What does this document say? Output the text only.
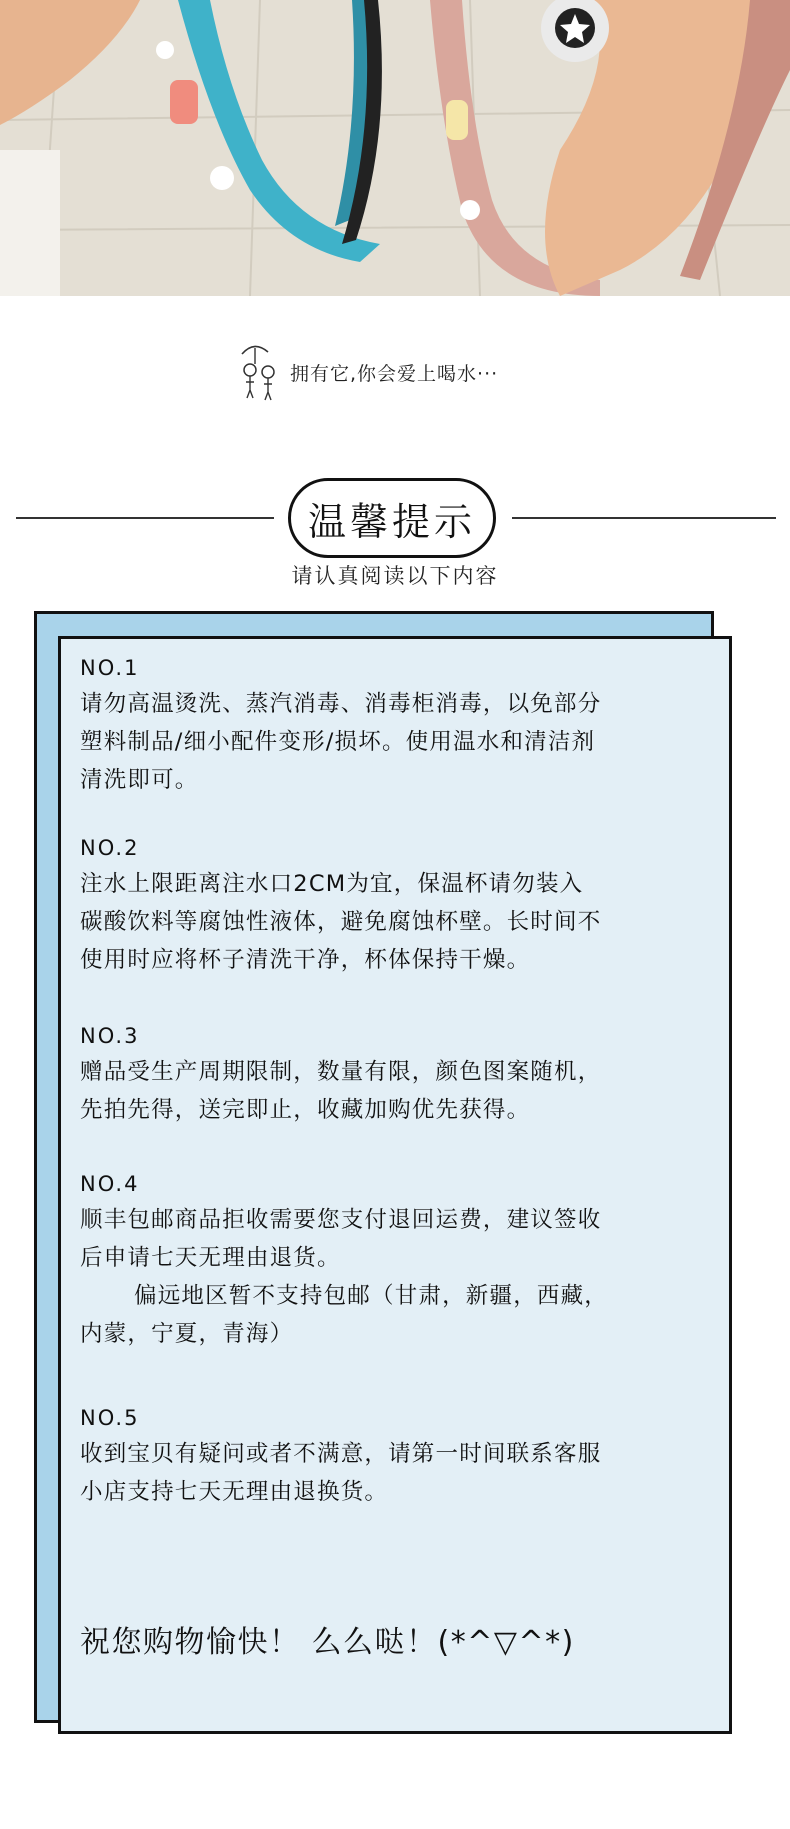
拥有它,你会爱上喝水···
温馨提示
请认真阅读以下内容
NO.1
请勿高温烫洗、蒸汽消毒、消毒柜消毒，以免部分
塑料制品/细小配件变形/损坏。使用温水和清洁剂
清洗即可。
NO.2
注水上限距离注水口2CM为宜，保温杯请勿装入
碳酸饮料等腐蚀性液体，避免腐蚀杯壁。长时间不
使用时应将杯子清洗干净，杯体保持干燥。
NO.3
赠品受生产周期限制，数量有限，颜色图案随机，
先拍先得，送完即止，收藏加购优先获得。
NO.4
顺丰包邮商品拒收需要您支付退回运费，建议签收
后申请七天无理由退货。
偏远地区暂不支持包邮（甘肃，新疆，西藏，
内蒙，宁夏，青海）
NO.5
收到宝贝有疑问或者不满意，请第一时间联系客服
小店支持七天无理由退换货。
祝您购物愉快！ 么么哒！(*^▽^*)
